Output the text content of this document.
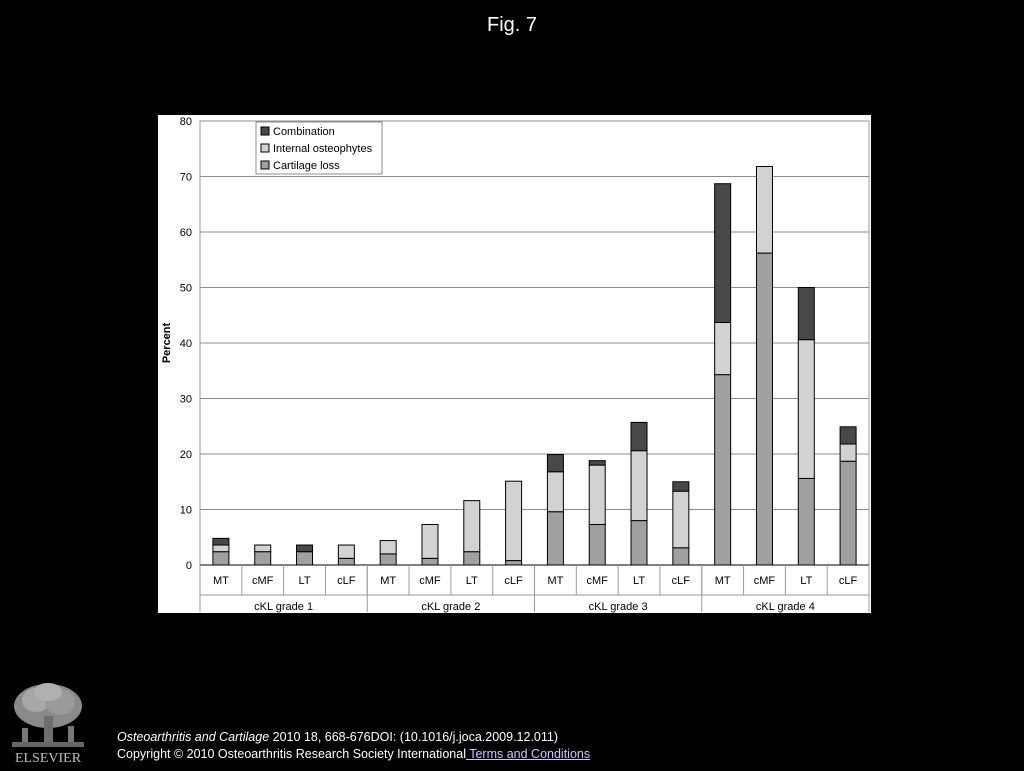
Fig. 7
0
10
20
30
40
50
60
70
80
Percent
cKL grade 1	cKL grade 2	cKL grade 3	cKL grade 4
MT cMF LT cLF MT cMF LT cLF MT cMF LT cLF MT cMF LT cLF
Combination
Internal osteophytes
Cartilage loss
ELSEVIER
Osteoarthritis and Cartilage 2010 18, 668-676DOI: (10.1016/j.joca.2009.12.011)
Copyright © 2010 Osteoarthritis Research Society International Terms and Conditions
